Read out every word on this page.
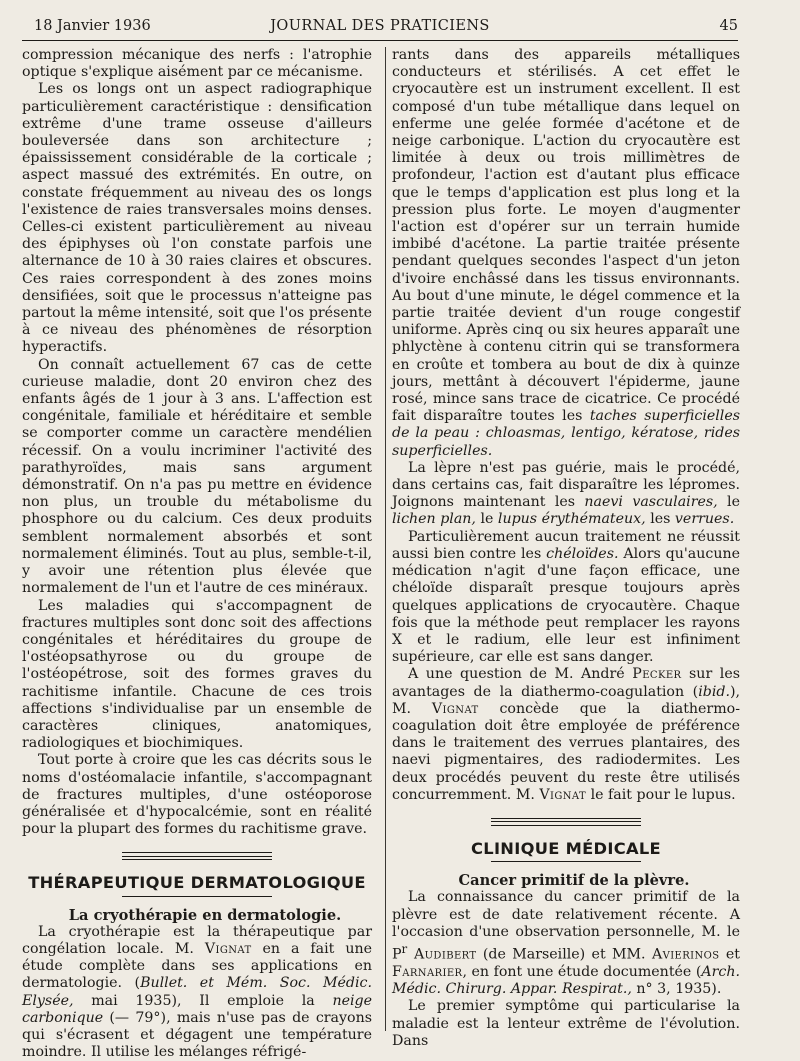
18 Janvier 1936	JOURNAL DES PRATICIENS	45

compression mécanique des nerfs : l'atrophie optique s'explique aisément par ce mécanisme.

Les os longs ont un aspect radiographique particulièrement caractéristique : densification extrême d'une trame osseuse d'ailleurs bouleversée dans son architecture ; épaississement considérable de la corticale ; aspect massué des extrémités. En outre, on constate fréquemment au niveau des os longs l'existence de raies transversales moins denses. Celles-ci existent particulièrement au niveau des épiphyses où l'on constate parfois une alternance de 10 à 30 raies claires et obscures. Ces raies correspondent à des zones moins densifiées, soit que le processus n'atteigne pas partout la même intensité, soit que l'os présente à ce niveau des phénomènes de résorption hyperactifs.

On connaît actuellement 67 cas de cette curieuse maladie, dont 20 environ chez des enfants âgés de 1 jour à 3 ans. L'affection est congénitale, familiale et héréditaire et semble se comporter comme un caractère mendélien récessif. On a voulu incriminer l'activité des parathyroïdes, mais sans argument démonstratif. On n'a pas pu mettre en évidence non plus, un trouble du métabolisme du phosphore ou du calcium. Ces deux produits semblent normalement absorbés et sont normalement éliminés. Tout au plus, semble-t-il, y avoir une rétention plus élevée que normalement de l'un et l'autre de ces minéraux.

Les maladies qui s'accompagnent de fractures multiples sont donc soit des affections congénitales et héréditaires du groupe de l'ostéopsathyrose ou du groupe de l'ostéopétrose, soit des formes graves du rachitisme infantile. Chacune de ces trois affections s'individualise par un ensemble de caractères cliniques, anatomiques, radiologiques et biochimiques.

Tout porte à croire que les cas décrits sous le noms d'ostéomalacie infantile, s'accompagnant de fractures multiples, d'une ostéoporose généralisée et d'hypocalcémie, sont en réalité pour la plupart des formes du rachitisme grave.

THÉRAPEUTIQUE DERMATOLOGIQUE

La cryothérapie en dermatologie.

La cryothérapie est la thérapeutique par congélation locale. M. Vignat en a fait une étude complète dans ses applications en dermatologie. (Bullet. et Mém. Soc. Médic. Elysée, mai 1935), Il emploie la neige carbonique (— 79°), mais n'use pas de crayons qui s'écrasent et dégagent une température moindre. Il utilise les mélanges réfrigé-

rants dans des appareils métalliques conducteurs et stérilisés. A cet effet le cryocautère est un instrument excellent. Il est composé d'un tube métallique dans lequel on enferme une gelée formée d'acétone et de neige carbonique. L'action du cryocautère est limitée à deux ou trois millimètres de profondeur, l'action est d'autant plus efficace que le temps d'application est plus long et la pression plus forte. Le moyen d'augmenter l'action est d'opérer sur un terrain humide imbibé d'acétone. La partie traitée présente pendant quelques secondes l'aspect d'un jeton d'ivoire enchâssé dans les tissus environnants. Au bout d'une minute, le dégel commence et la partie traitée devient d'un rouge congestif uniforme. Après cinq ou six heures apparaît une phlyctène à contenu citrin qui se transformera en croûte et tombera au bout de dix à quinze jours, mettânt à découvert l'épiderme, jaune rosé, mince sans trace de cicatrice. Ce procédé fait disparaître toutes les taches superficielles de la peau : chloasmas, lentigo, kératose, rides superficielles.

La lèpre n'est pas guérie, mais le procédé, dans certains cas, fait disparaître les lépromes. Joignons maintenant les naevi vasculaires, le lichen plan, le lupus érythémateux, les verrues.

Particulièrement aucun traitement ne réussit aussi bien contre les chéloïdes. Alors qu'aucune médication n'agit d'une façon efficace, une chéloïde disparaît presque toujours après quelques applications de cryocautère. Chaque fois que la méthode peut remplacer les rayons X et le radium, elle leur est infiniment supérieure, car elle est sans danger.

A une question de M. André Pecker sur les avantages de la diathermo-coagulation (ibid.), M. Vignat concède que la diathermo-coagulation doit être employée de préférence dans le traitement des verrues plantaires, des naevi pigmentaires, des radiodermites. Les deux procédés peuvent du reste être utilisés concurremment. M. Vignat le fait pour le lupus.

CLINIQUE MÉDICALE

Cancer primitif de la plèvre.

La connaissance du cancer primitif de la plèvre est de date relativement récente. A l'occasion d'une observation personnelle, M. le $P^r$ Audibert (de Marseille) et MM. Avierinos et Farnarier, en font une étude documentée (Arch. Médic. Chirurg. Appar. Respirat., n° 3, 1935).

Le premier symptôme qui particularise la maladie est la lenteur extrême de l'évolution. Dans
